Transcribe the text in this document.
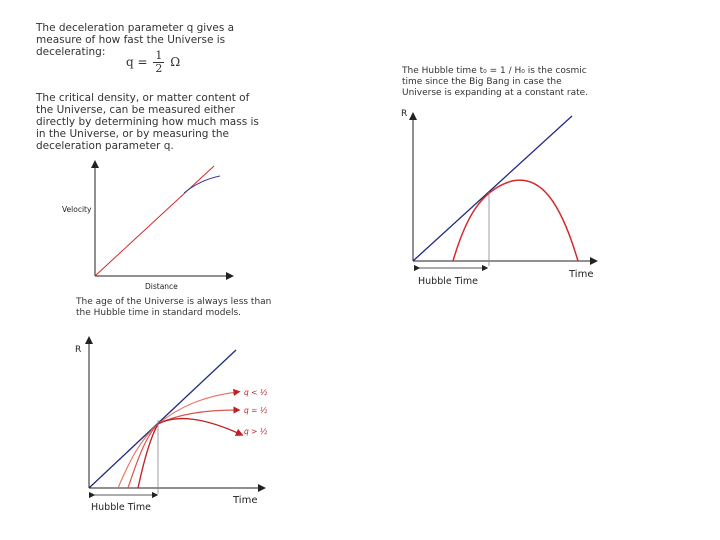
The deceleration parameter q gives a measure of how fast the Universe is decelerating:

$q = \frac{1}{2}$ Ω

The critical density, or matter content of the Universe, can be measured either directly by determining how much mass is in the Universe, or by measuring the deceleration parameter q.

The age of the Universe is always less than the Hubble time in standard models.

The Hubble time t₀ = 1 / H₀ is the cosmic time since the Big Bang in case the Universe is expanding at a constant rate.

Velocity
Distance
R
Time
Hubble Time
R
Time
Hubble Time
q < ½
q = ½
q > ½
